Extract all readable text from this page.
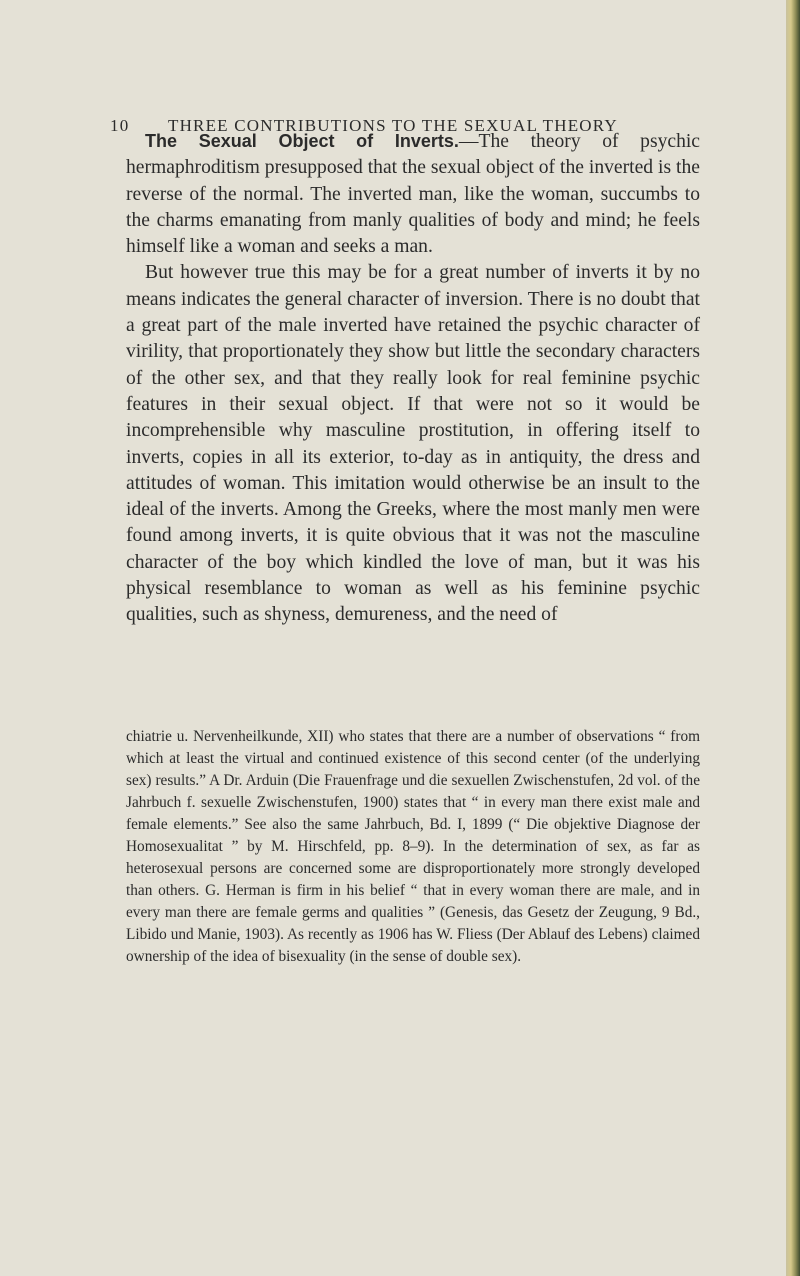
10 THREE CONTRIBUTIONS TO THE SEXUAL THEORY

The Sexual Object of Inverts.—The theory of psychic hermaphroditism presupposed that the sexual object of the inverted is the reverse of the normal. The inverted man, like the woman, succumbs to the charms emanating from manly qualities of body and mind; he feels himself like a woman and seeks a man.

But however true this may be for a great number of inverts it by no means indicates the general character of inversion. There is no doubt that a great part of the male inverted have retained the psychic character of virility, that proportionately they show but little the secondary characters of the other sex, and that they really look for real feminine psychic features in their sexual object. If that were not so it would be incomprehensible why masculine prostitution, in offering itself to inverts, copies in all its exterior, to-day as in antiquity, the dress and attitudes of woman. This imitation would otherwise be an insult to the ideal of the inverts. Among the Greeks, where the most manly men were found among inverts, it is quite obvious that it was not the masculine character of the boy which kindled the love of man, but it was his physical resemblance to woman as well as his feminine psychic qualities, such as shyness, demureness, and the need of

chiatrie u. Nervenheilkunde, XII) who states that there are a number of observations “ from which at least the virtual and continued existence of this second center (of the underlying sex) results.” A Dr. Arduin (Die Frauenfrage und die sexuellen Zwischenstufen, 2d vol. of the Jahrbuch f. sexuelle Zwischenstufen, 1900) states that “ in every man there exist male and female elements.” See also the same Jahrbuch, Bd. I, 1899 (“ Die objektive Diagnose der Homosexualitat ” by M. Hirschfeld, pp. 8–9). In the determination of sex, as far as heterosexual persons are concerned some are disproportionately more strongly developed than others. G. Herman is firm in his belief “ that in every woman there are male, and in every man there are female germs and qualities ” (Genesis, das Gesetz der Zeugung, 9 Bd., Libido und Manie, 1903). As recently as 1906 has W. Fliess (Der Ablauf des Lebens) claimed ownership of the idea of bisexuality (in the sense of double sex).
